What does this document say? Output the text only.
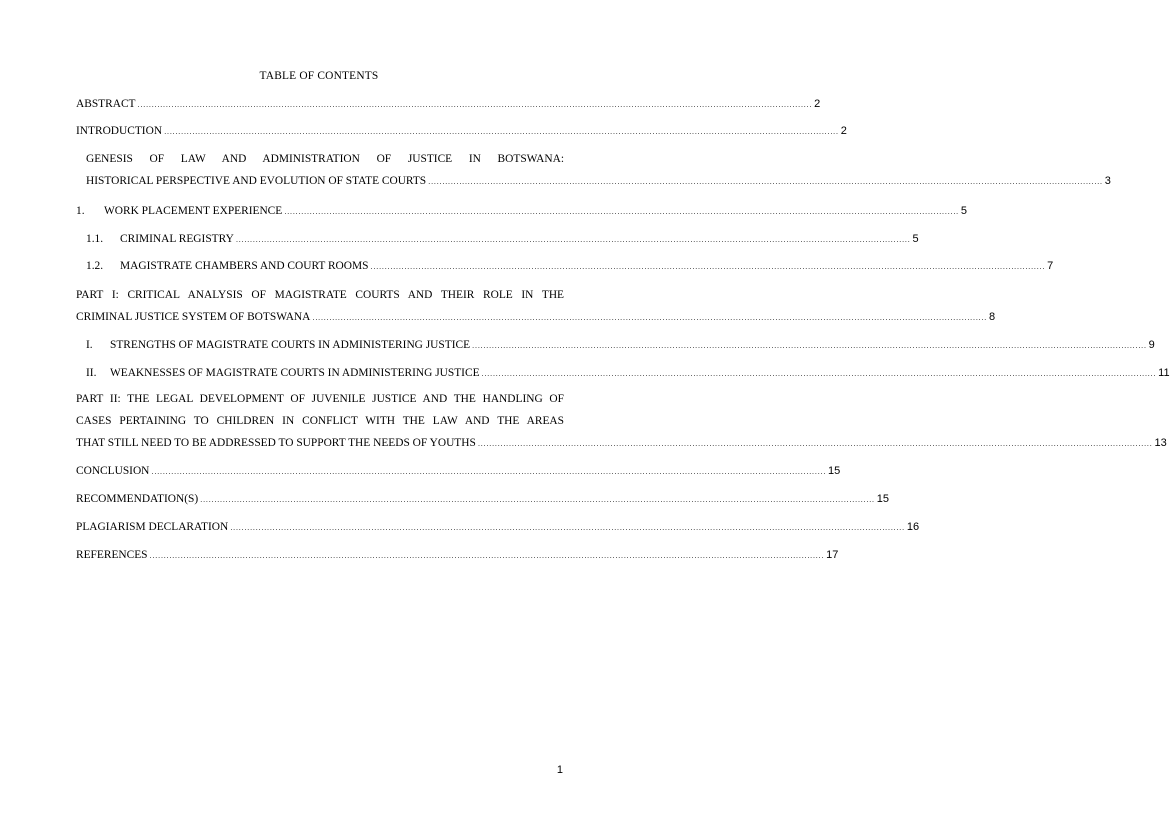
TABLE OF CONTENTS
ABSTRACT ............................................................................................................................................................................................................................................... 2
INTRODUCTION ............................................................................................................................................................................................................................................... 2
GENESIS OF LAW AND ADMINISTRATION OF JUSTICE IN BOTSWANA:
HISTORICAL PERSPECTIVE AND EVOLUTION OF STATE COURTS ............................................................................................................................................................................................................................................... 3
1.	WORK PLACEMENT EXPERIENCE ............................................................................................................................................................................................................................................... 5
1.1.	CRIMINAL REGISTRY ............................................................................................................................................................................................................................................... 5
1.2.	MAGISTRATE CHAMBERS AND COURT ROOMS ............................................................................................................................................................................................................................................... 7
PART I: CRITICAL ANALYSIS OF MAGISTRATE COURTS AND THEIR ROLE IN THE
CRIMINAL JUSTICE SYSTEM OF BOTSWANA ............................................................................................................................................................................................................................................... 8
I.	STRENGTHS OF MAGISTRATE COURTS IN ADMINISTERING JUSTICE ............................................................................................................................................................................................................................................... 9
II.	WEAKNESSES OF MAGISTRATE COURTS IN ADMINISTERING JUSTICE ............................................................................................................................................................................................................................................... 11
PART II: THE LEGAL DEVELOPMENT OF JUVENILE JUSTICE AND THE HANDLING OF
CASES PERTAINING TO CHILDREN IN CONFLICT WITH THE LAW AND THE AREAS
THAT STILL NEED TO BE ADDRESSED TO SUPPORT THE NEEDS OF YOUTHS ............................................................................................................................................................................................................................................... 13
CONCLUSION ............................................................................................................................................................................................................................................... 15
RECOMMENDATION(S) ............................................................................................................................................................................................................................................... 15
PLAGIARISM DECLARATION ............................................................................................................................................................................................................................................... 16
REFERENCES ............................................................................................................................................................................................................................................... 17
1
